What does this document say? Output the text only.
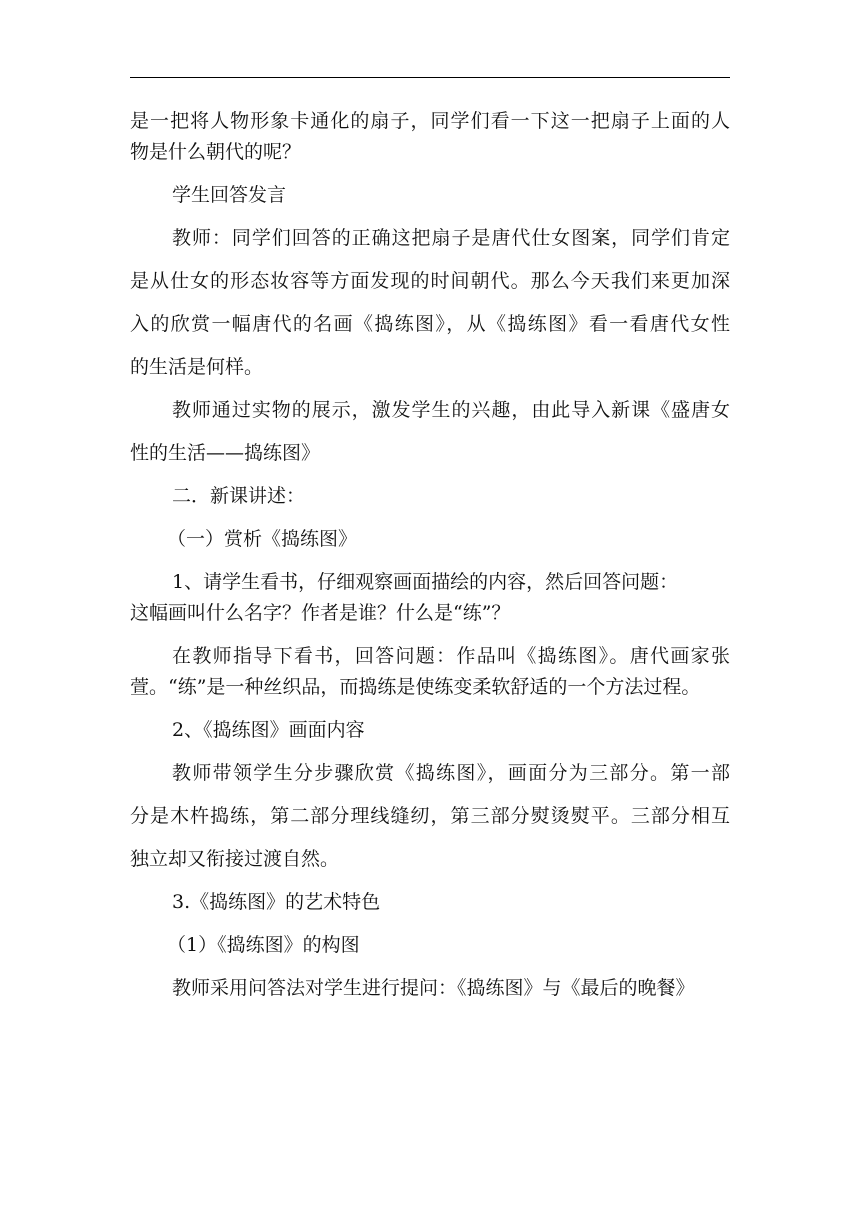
是一把将人物形象卡通化的扇子，同学们看一下这一把扇子上面的人
物是什么朝代的呢？
学生回答发言
教师：同学们回答的正确这把扇子是唐代仕女图案，同学们肯定
是从仕女的形态妆容等方面发现的时间朝代。那么今天我们来更加深
入的欣赏一幅唐代的名画《捣练图》，从《捣练图》看一看唐代女性
的生活是何样。
教师通过实物的展示，激发学生的兴趣，由此导入新课《盛唐女
性的生活——捣练图》
二．新课讲述：
（一）赏析《捣练图》
1、请学生看书，仔细观察画面描绘的内容，然后回答问题：
这幅画叫什么名字？作者是谁？什么是“练”？
在教师指导下看书，回答问题：作品叫《捣练图》。唐代画家张
萱。“练”是一种丝织品，而捣练是使练变柔软舒适的一个方法过程。
2、《捣练图》画面内容
教师带领学生分步骤欣赏《捣练图》，画面分为三部分。第一部
分是木杵捣练，第二部分理线缝纫，第三部分熨烫熨平。三部分相互
独立却又衔接过渡自然。
3.《捣练图》的艺术特色
（1）《捣练图》的构图
教师采用问答法对学生进行提问：《捣练图》与《最后的晚餐》
